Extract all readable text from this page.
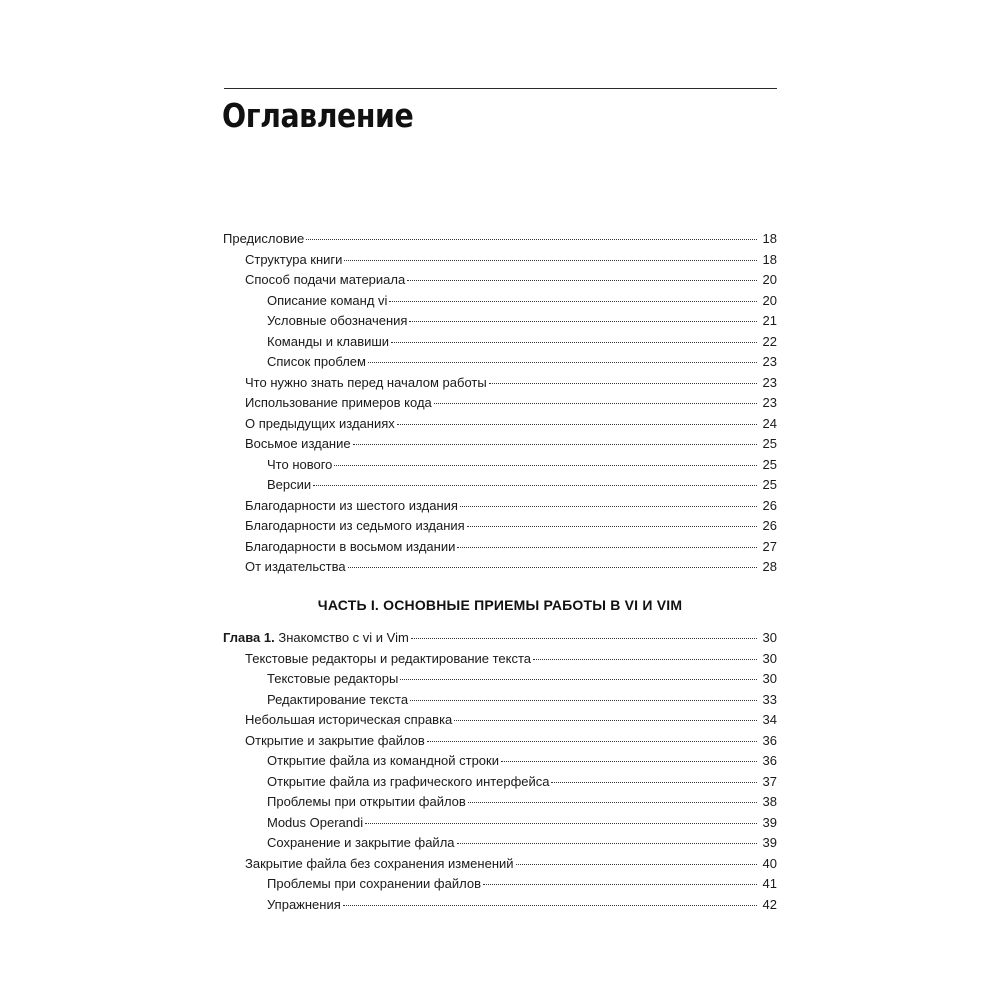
Оглавление
Предисловие	18
Структура книги	18
Способ подачи материала	20
Описание команд vi	20
Условные обозначения	21
Команды и клавиши	22
Список проблем	23
Что нужно знать перед началом работы	23
Использование примеров кода	23
О предыдущих изданиях	24
Восьмое издание	25
Что нового	25
Версии	25
Благодарности из шестого издания	26
Благодарности из седьмого издания	26
Благодарности в восьмом издании	27
От издательства	28
ЧАСТЬ I. ОСНОВНЫЕ ПРИЕМЫ РАБОТЫ В VI И VIM
Глава 1. Знакомство с vi и Vim	30
Текстовые редакторы и редактирование текста	30
Текстовые редакторы	30
Редактирование текста	33
Небольшая историческая справка	34
Открытие и закрытие файлов	36
Открытие файла из командной строки	36
Открытие файла из графического интерфейса	37
Проблемы при открытии файлов	38
Modus Operandi	39
Сохранение и закрытие файла	39
Закрытие файла без сохранения изменений	40
Проблемы при сохранении файлов	41
Упражнения	42
